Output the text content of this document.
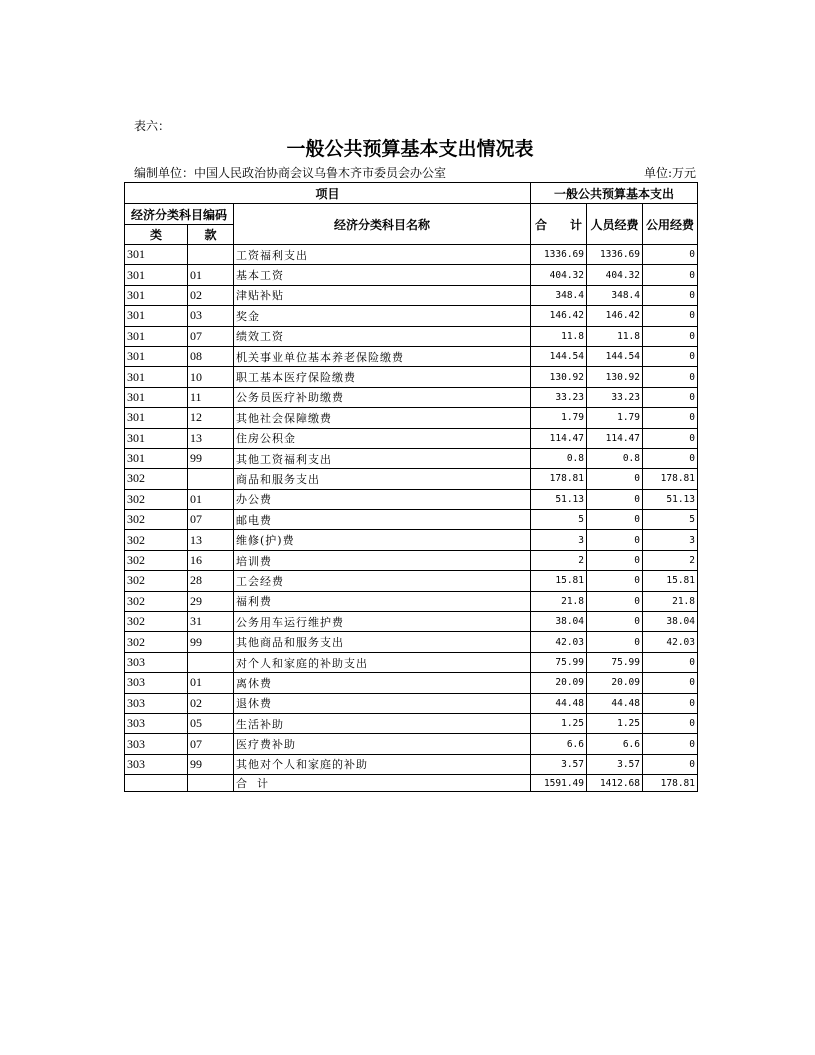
表六：
一般公共预算基本支出情况表
编制单位：中国人民政治协商会议乌鲁木齐市委员会办公室	单位:万元
项目			一般公共预算基本支出		
经济分类科目编码		经济分类科目名称	合　计	人员经费	公用经费
类	款				
301		工资福利支出	1336.69	1336.69	0
301	01	基本工资	404.32	404.32	0
301	02	津贴补贴	348.4	348.4	0
301	03	奖金	146.42	146.42	0
301	07	绩效工资	11.8	11.8	0
301	08	机关事业单位基本养老保险缴费	144.54	144.54	0
301	10	职工基本医疗保险缴费	130.92	130.92	0
301	11	公务员医疗补助缴费	33.23	33.23	0
301	12	其他社会保障缴费	1.79	1.79	0
301	13	住房公积金	114.47	114.47	0
301	99	其他工资福利支出	0.8	0.8	0
302		商品和服务支出	178.81	0	178.81
302	01	办公费	51.13	0	51.13
302	07	邮电费	5	0	5
302	13	维修(护)费	3	0	3
302	16	培训费	2	0	2
302	28	工会经费	15.81	0	15.81
302	29	福利费	21.8	0	21.8
302	31	公务用车运行维护费	38.04	0	38.04
302	99	其他商品和服务支出	42.03	0	42.03
303		对个人和家庭的补助支出	75.99	75.99	0
303	01	离休费	20.09	20.09	0
303	02	退休费	44.48	44.48	0
303	05	生活补助	1.25	1.25	0
303	07	医疗费补助	6.6	6.6	0
303	99	其他对个人和家庭的补助	3.57	3.57	0
		合计	1591.49	1412.68	178.81
